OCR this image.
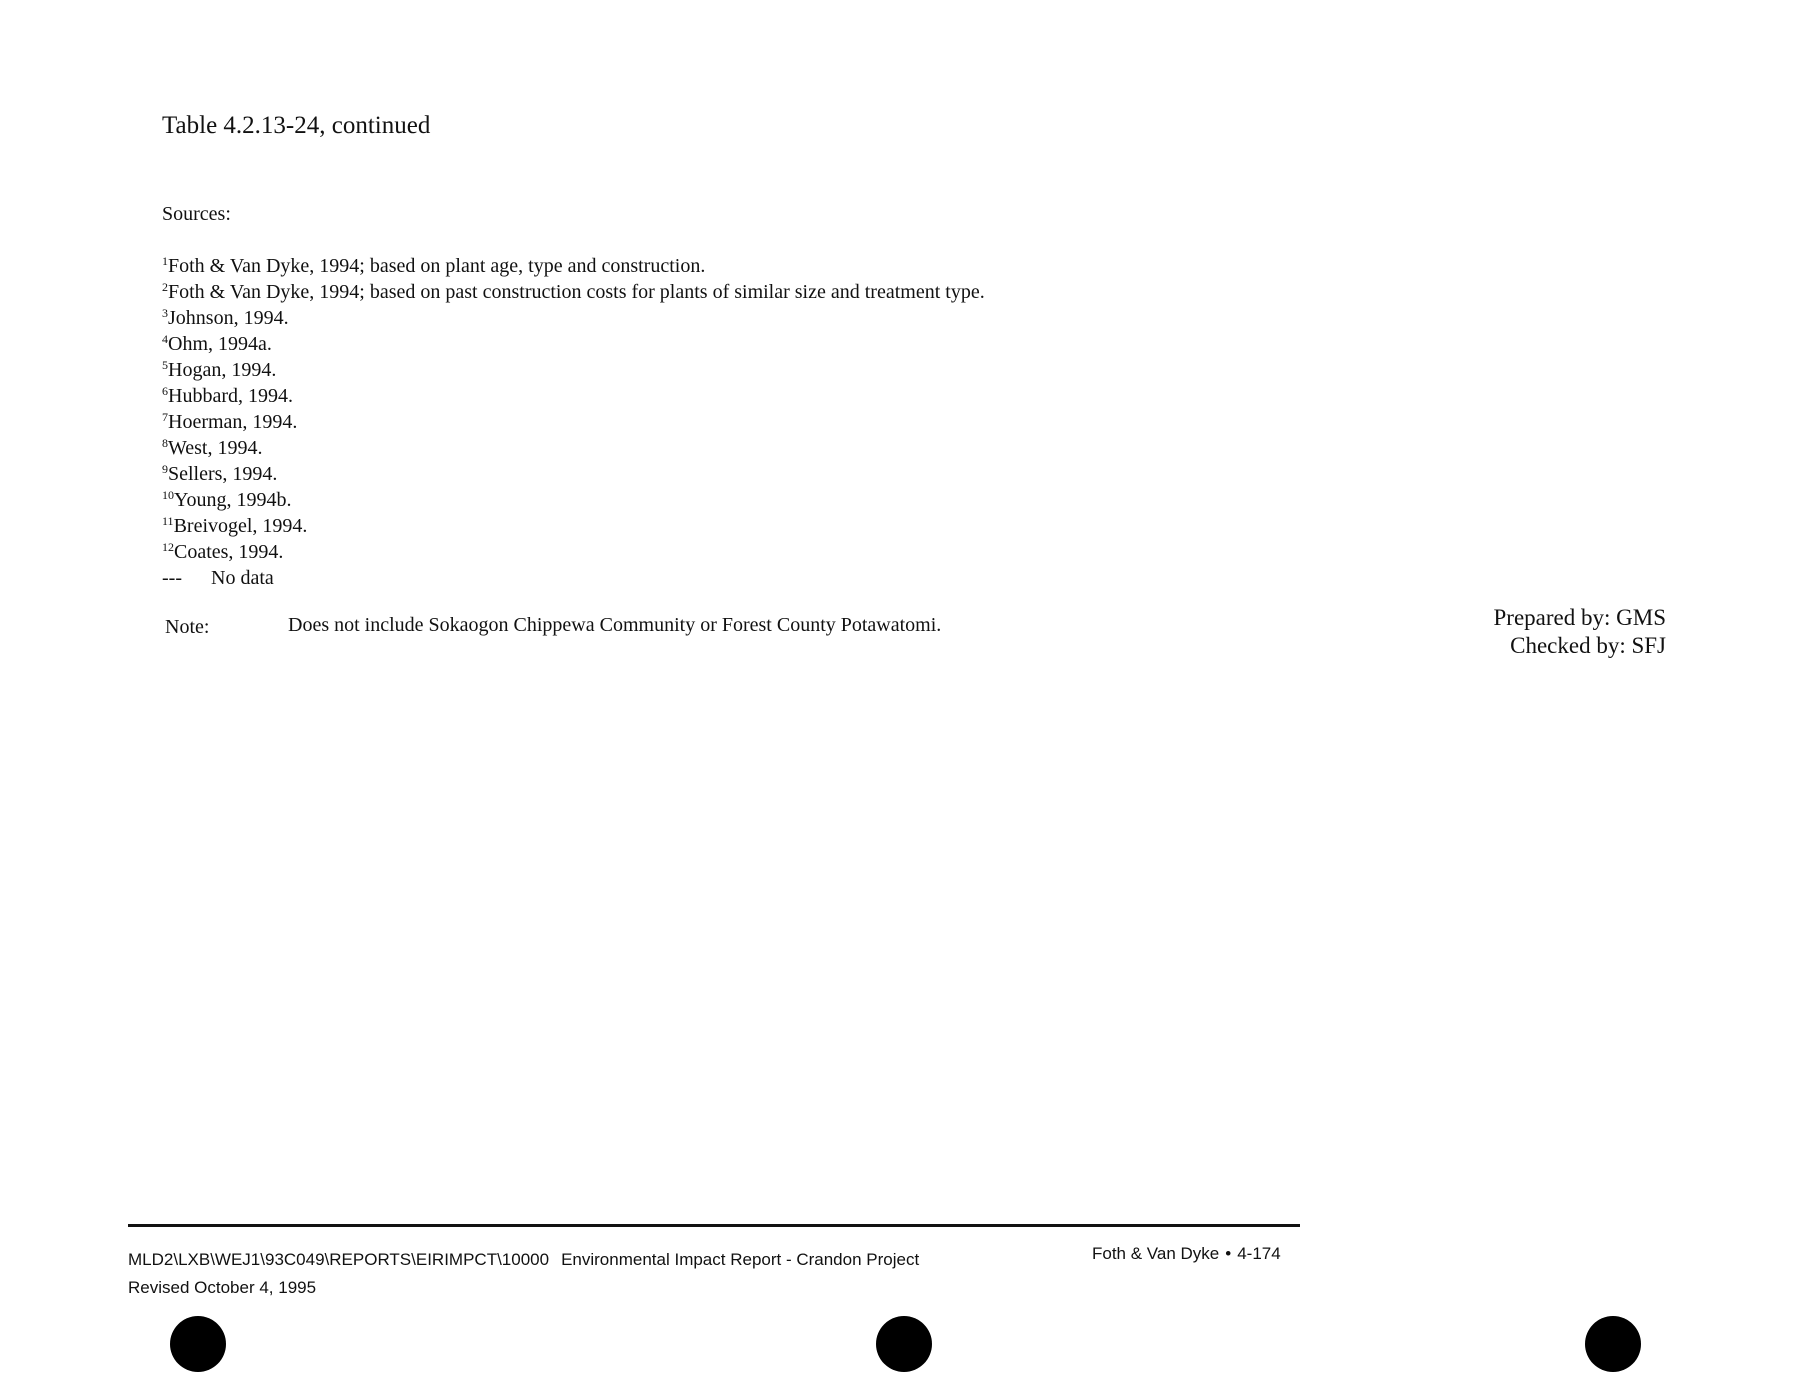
Table 4.2.13-24, continued
Sources:
$^1$Foth & Van Dyke, 1994; based on plant age, type and construction.
$^2$Foth & Van Dyke, 1994; based on past construction costs for plants of similar size and treatment type.
$^3$Johnson, 1994.
$^4$Ohm, 1994a.
$^5$Hogan, 1994.
$^6$Hubbard, 1994.
$^7$Hoerman, 1994.
$^8$West, 1994.
$^9$Sellers, 1994.
$^{10}$Young, 1994b.
$^{11}$Breivogel, 1994.
$^{12}$Coates, 1994.
--- No data
Note:	Does not include Sokaogon Chippewa Community or Forest County Potawatomi.	Prepared by: GMS
Checked by: SFJ
MLD2\LXB\WEJ1\93C049\REPORTS\EIRIMPCT\10000 Environmental Impact Report - Crandon Project
Revised October 4, 1995
Foth & Van Dyke • 4-174
